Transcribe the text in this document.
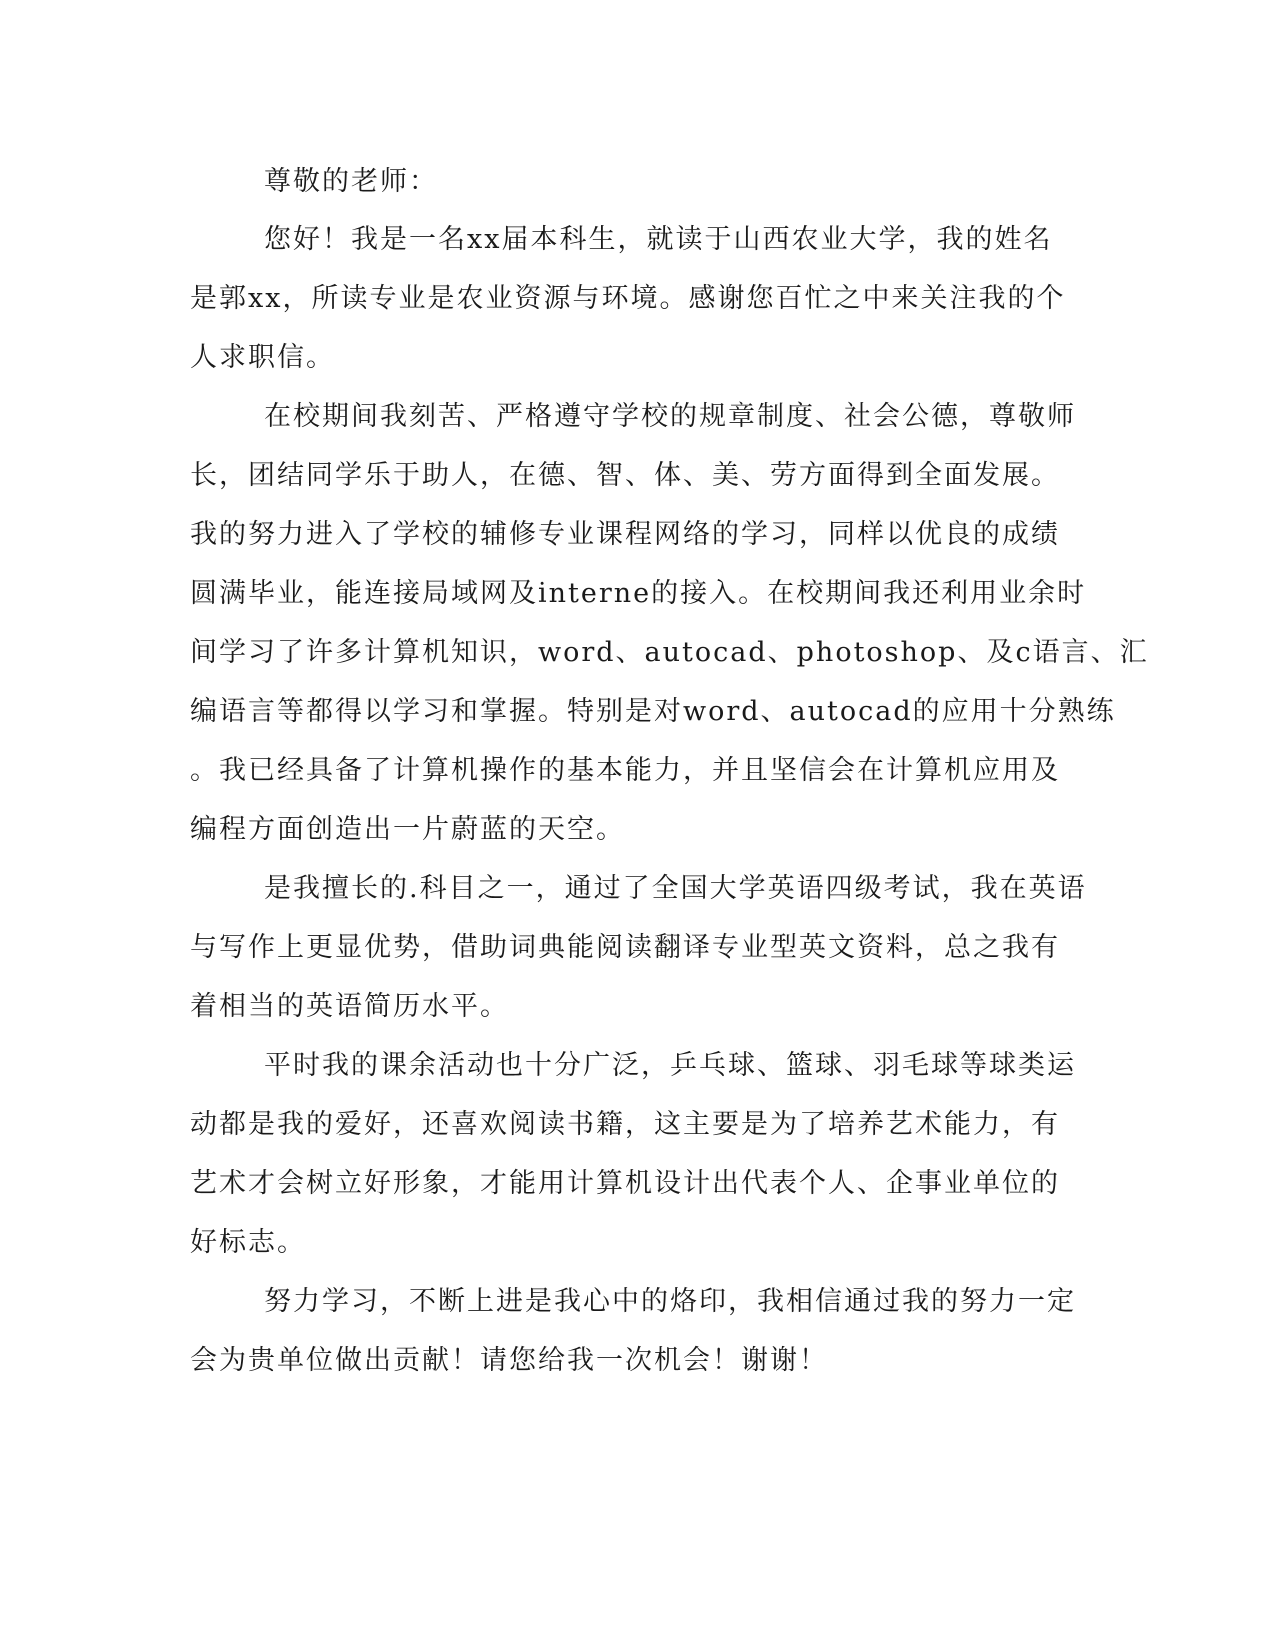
尊敬的老师：

您好！我是一名xx届本科生，就读于山西农业大学，我的姓名

是郭xx，所读专业是农业资源与环境。感谢您百忙之中来关注我的个

人求职信。

在校期间我刻苦、严格遵守学校的规章制度、社会公德，尊敬师

长，团结同学乐于助人，在德、智、体、美、劳方面得到全面发展。

我的努力进入了学校的辅修专业课程网络的学习，同样以优良的成绩

圆满毕业，能连接局域网及interne的接入。在校期间我还利用业余时

间学习了许多计算机知识，word、autocad、photoshop、及c语言、汇

编语言等都得以学习和掌握。特别是对word、autocad的应用十分熟练

。我已经具备了计算机操作的基本能力，并且坚信会在计算机应用及

编程方面创造出一片蔚蓝的天空。

是我擅长的.科目之一，通过了全国大学英语四级考试，我在英语

与写作上更显优势，借助词典能阅读翻译专业型英文资料，总之我有

着相当的英语简历水平。

平时我的课余活动也十分广泛，乒乓球、篮球、羽毛球等球类运

动都是我的爱好，还喜欢阅读书籍，这主要是为了培养艺术能力，有

艺术才会树立好形象，才能用计算机设计出代表个人、企事业单位的

好标志。

努力学习，不断上进是我心中的烙印，我相信通过我的努力一定

会为贵单位做出贡献！请您给我一次机会！谢谢！
